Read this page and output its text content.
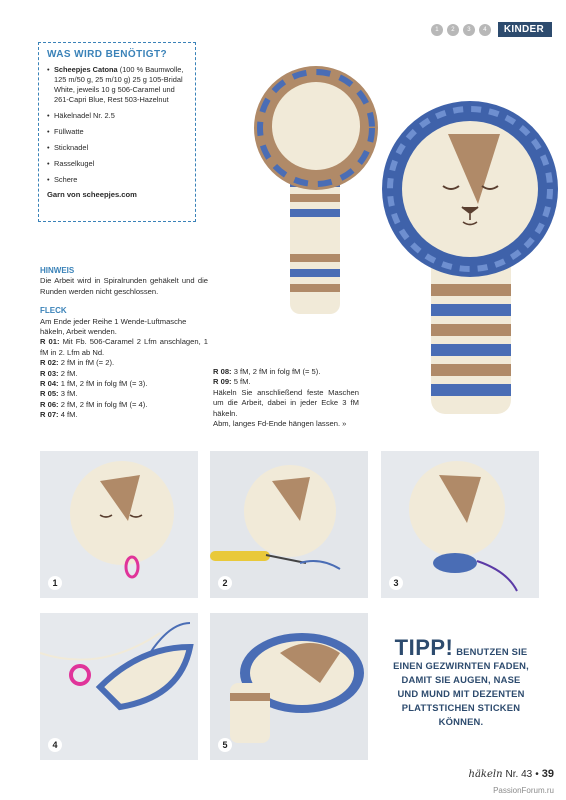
1	2	3	4	KINDER
WAS WIRD BENÖTIGT?
• Scheepjes Catona (100 % Baumwolle, 125 m/50 g, 25 m/10 g) 25 g 105-Bridal White, jeweils 10 g 506-Caramel und 261-Capri Blue, Rest 503-Hazelnut
• Häkelnadel Nr. 2.5
• Füllwatte
• Sticknadel
• Rasselkugel
• Schere
Garn von scheepjes.com

HINWEIS

Die Arbeit wird in Spiralrunden gehäkelt und die Runden werden nicht geschlossen.

FLECK

Am Ende jeder Reihe 1 Wende-Luftmasche häkeln, Arbeit wenden.

R 01: Mit Fb. 506-Caramel 2 Lfm anschlagen, 1 fM in 2. Lfm ab Nd.

R 02: 2 fM in fM (= 2).

R 03: 2 fM.

R 04: 1 fM, 2 fM in folg fM (= 3).

R 05: 3 fM.

R 06: 2 fM, 2 fM in folg fM (= 4).

R 07: 4 fM.

R 08: 3 fM, 2 fM in folg fM (= 5).

R 09: 5 fM.

Häkeln Sie anschließend feste Maschen um die Arbeit, dabei in jeder Ecke 3 fM häkeln.

Abm, langes Fd-Ende hängen lassen. »

1	2	3
4	5
TIPP! BENUTZEN SIE
EINEN GEZWIRNTEN FADEN,
DAMIT SIE AUGEN, NASE
UND MUND MIT DEZENTEN
PLATTSTICHEN STICKEN
KÖNNEN.
häkeln Nr. 43 • 39
PassionForum.ru
